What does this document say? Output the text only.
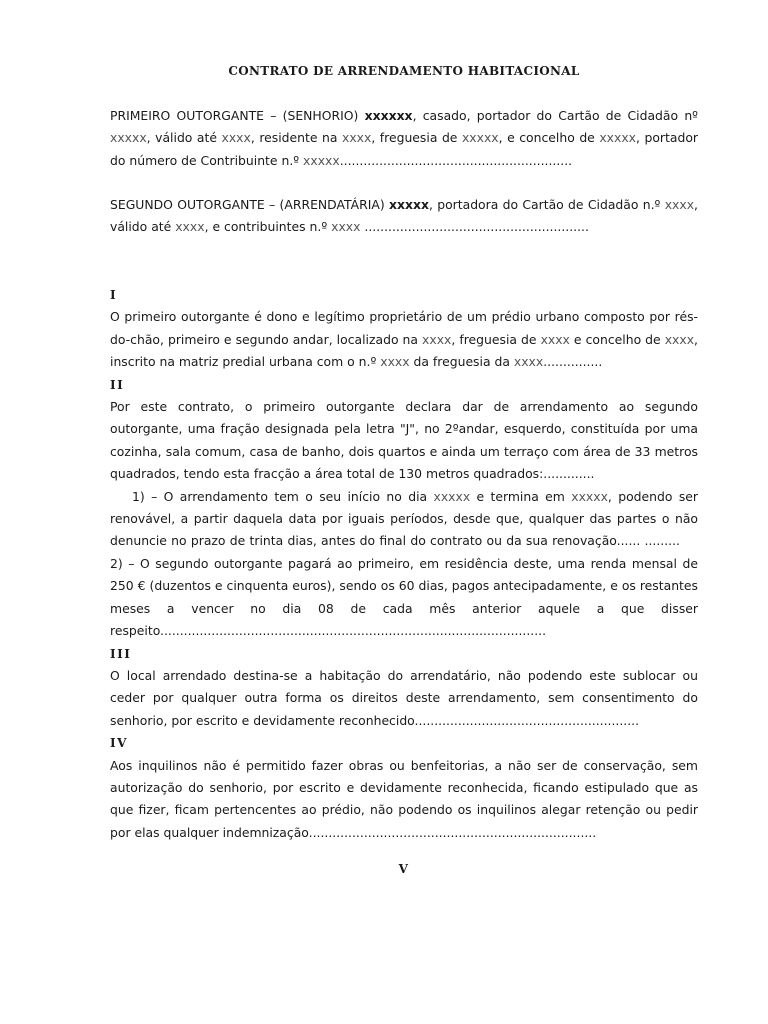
CONTRATO DE ARRENDAMENTO HABITACIONAL
PRIMEIRO OUTORGANTE – (SENHORIO) xxxxxx, casado, portador do Cartão de Cidadão nº xxxxx, válido até xxxx, residente na xxxx, freguesia de xxxxx, e concelho de xxxxx, portador do número de Contribuinte n.º xxxxx...........................................................
SEGUNDO OUTORGANTE – (ARRENDATÁRIA) xxxxx, portadora do Cartão de Cidadão n.º xxxx, válido até xxxx, e contribuintes n.º xxxx .........................................................
I
O primeiro outorgante é dono e legítimo proprietário de um prédio urbano composto por rés-do-chão, primeiro e segundo andar, localizado na xxxx, freguesia de xxxx e concelho de xxxx, inscrito na matriz predial urbana com o n.º xxxx da freguesia da xxxx...............
II
Por este contrato, o primeiro outorgante declara dar de arrendamento ao segundo outorgante, uma fração designada pela letra "J", no 2ºandar, esquerdo, constituída por uma cozinha, sala comum, casa de banho, dois quartos e ainda um terraço com área de 33 metros quadrados, tendo esta fracção a área total de 130 metros quadrados:.............
1) – O arrendamento tem o seu início no dia xxxxx e termina em xxxxx, podendo ser renovável, a partir daquela data por iguais períodos, desde que, qualquer das partes o não denuncie no prazo de trinta dias, antes do final do contrato ou da sua renovação...... .........2) – O segundo outorgante pagará ao primeiro, em residência deste, uma renda mensal de 250 € (duzentos e cinquenta euros), sendo os 60 dias, pagos antecipadamente, e os restantes meses a vencer no dia 08 de cada mês anterior aquele a que disser respeito..................................................................................................
III
O local arrendado destina-se a habitação do arrendatário, não podendo este sublocar ou ceder por qualquer outra forma os direitos deste arrendamento, sem consentimento do senhorio, por escrito e devidamente reconhecido.........................................................
IV
Aos inquilinos não é permitido fazer obras ou benfeitorias, a não ser de conservação, sem autorização do senhorio, por escrito e devidamente reconhecida, ficando estipulado que as que fizer, ficam pertencentes ao prédio, não podendo os inquilinos alegar retenção ou pedir por elas qualquer indemnização.........................................................................
V
